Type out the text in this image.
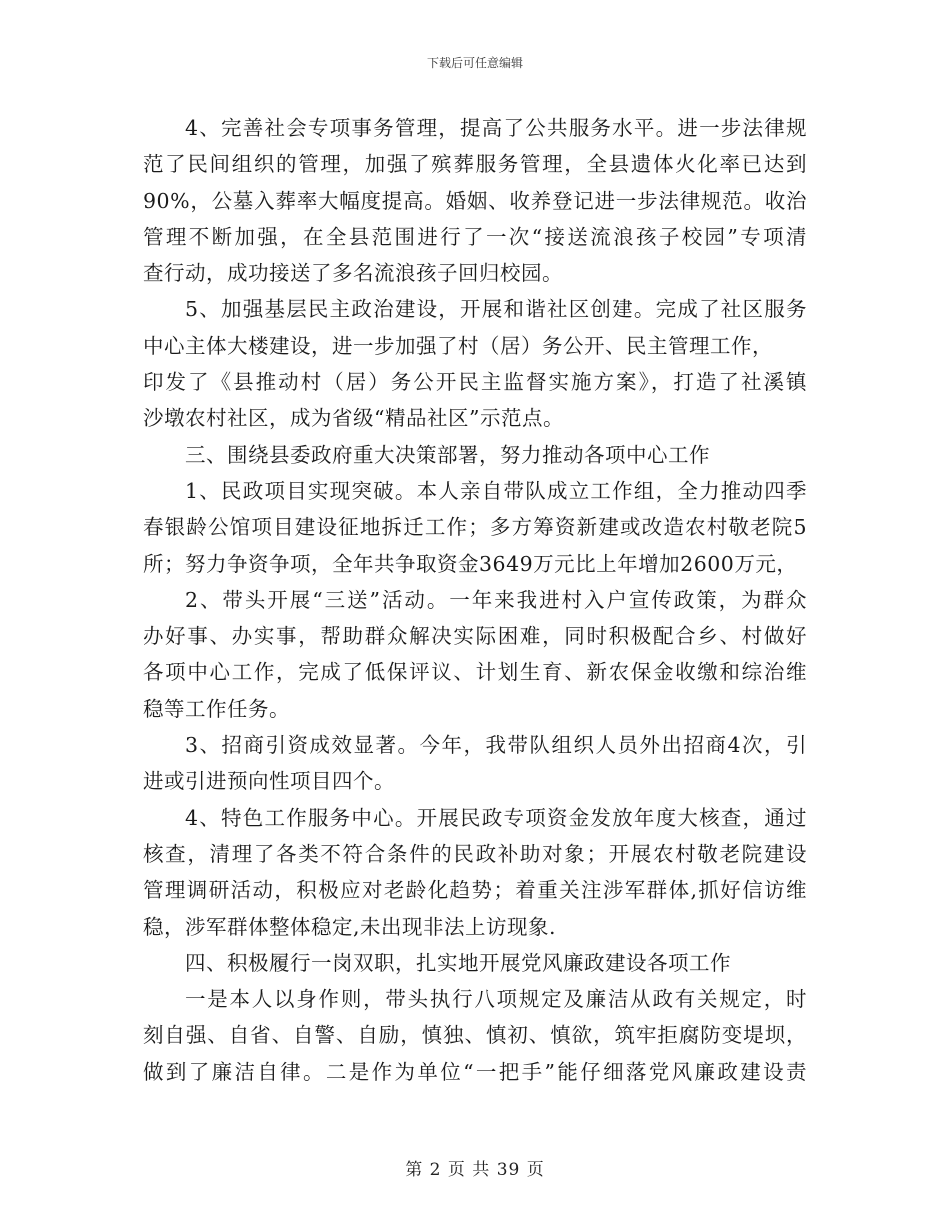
下载后可任意编辑
4、完善社会专项事务管理，提高了公共服务水平。进一步法律规
范了民间组织的管理，加强了殡葬服务管理，全县遗体火化率已达到
90%，公墓入葬率大幅度提高。婚姻、收养登记进一步法律规范。收治
管理不断加强，在全县范围进行了一次“接送流浪孩子校园”专项清
查行动，成功接送了多名流浪孩子回归校园。
5、加强基层民主政治建设，开展和谐社区创建。完成了社区服务
中心主体大楼建设，进一步加强了村（居）务公开、民主管理工作，
印发了《县推动村（居）务公开民主监督实施方案》，打造了社溪镇
沙墩农村社区，成为省级“精品社区”示范点。
三、围绕县委政府重大决策部署，努力推动各项中心工作
1、民政项目实现突破。本人亲自带队成立工作组，全力推动四季
春银龄公馆项目建设征地拆迁工作；多方筹资新建或改造农村敬老院5
所；努力争资争项，全年共争取资金3649万元比上年增加2600万元，
2、带头开展“三送”活动。一年来我进村入户宣传政策，为群众
办好事、办实事，帮助群众解决实际困难，同时积极配合乡、村做好
各项中心工作，完成了低保评议、计划生育、新农保金收缴和综治维
稳等工作任务。
3、招商引资成效显著。今年，我带队组织人员外出招商4次，引
进或引进预向性项目四个。
4、特色工作服务中心。开展民政专项资金发放年度大核查，通过
核查，清理了各类不符合条件的民政补助对象；开展农村敬老院建设
管理调研活动，积极应对老龄化趋势；着重关注涉军群体,抓好信访维
稳，涉军群体整体稳定,未出现非法上访现象.
四、积极履行一岗双职，扎实地开展党风廉政建设各项工作
一是本人以身作则，带头执行八项规定及廉洁从政有关规定，时
刻自强、自省、自警、自励，慎独、慎初、慎欲，筑牢拒腐防变堤坝，
做到了廉洁自律。二是作为单位“一把手”能仔细落党风廉政建设责
第 2 页 共 39 页
